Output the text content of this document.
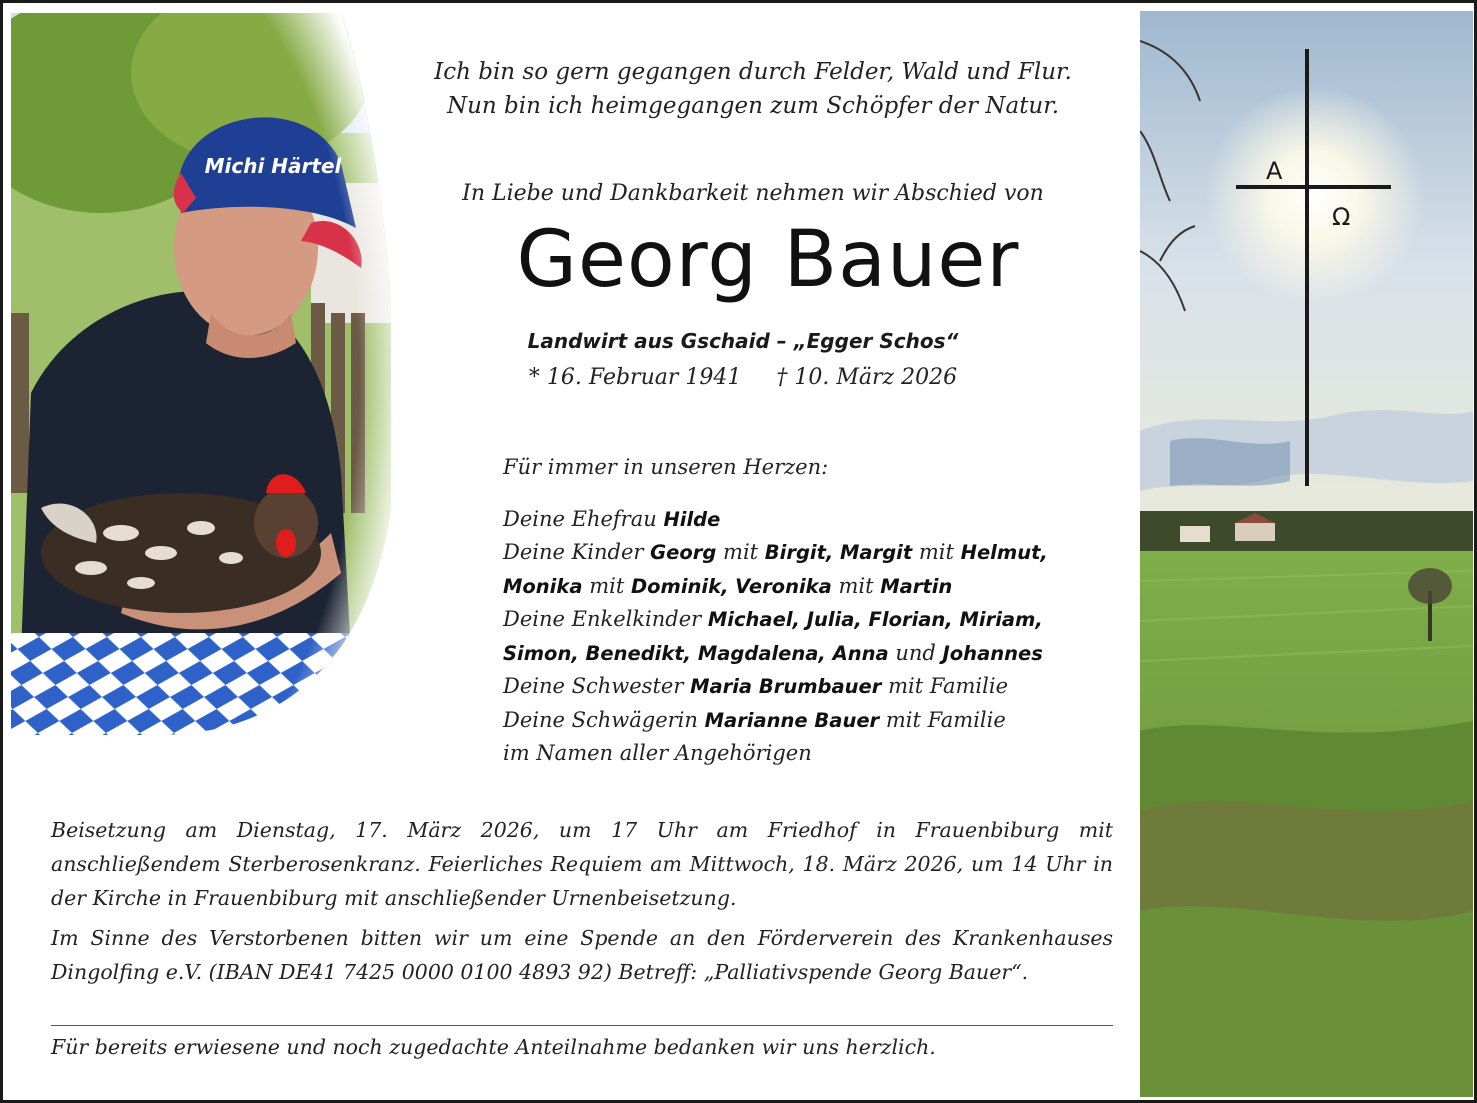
A
Ω
Ich bin so gern gegangen durch Felder, Wald und Flur.
Nun bin ich heimgegangen zum Schöpfer der Natur.
In Liebe und Dankbarkeit nehmen wir Abschied von
Georg Bauer
Landwirt aus Gschaid – „Egger Schos“
* 16. Februar 1941 † 10. März 2026
Für immer in unseren Herzen:
Deine Ehefrau Hilde
Deine Kinder Georg mit Birgit, Margit mit Helmut,
Monika mit Dominik, Veronika mit Martin
Deine Enkelkinder Michael, Julia, Florian, Miriam,
Simon, Benedikt, Magdalena, Anna und Johannes
Deine Schwester Maria Brumbauer mit Familie
Deine Schwägerin Marianne Bauer mit Familie
im Namen aller Angehörigen
Beisetzung am Dienstag, 17. März 2026, um 17 Uhr am Friedhof in Frauenbiburg mit anschließendem Sterberosenkranz. Feierliches Requiem am Mittwoch, 18. März 2026, um 14 Uhr in der Kirche in Frauenbiburg mit anschließender Urnenbeisetzung.
Im Sinne des Verstorbenen bitten wir um eine Spende an den Förderverein des Krankenhauses Dingolfing e.V. (IBAN DE41 7425 0000 0100 4893 92) Betreff: „Palliativspende Georg Bauer“.
Für bereits erwiesene und noch zugedachte Anteilnahme bedanken wir uns herzlich.
